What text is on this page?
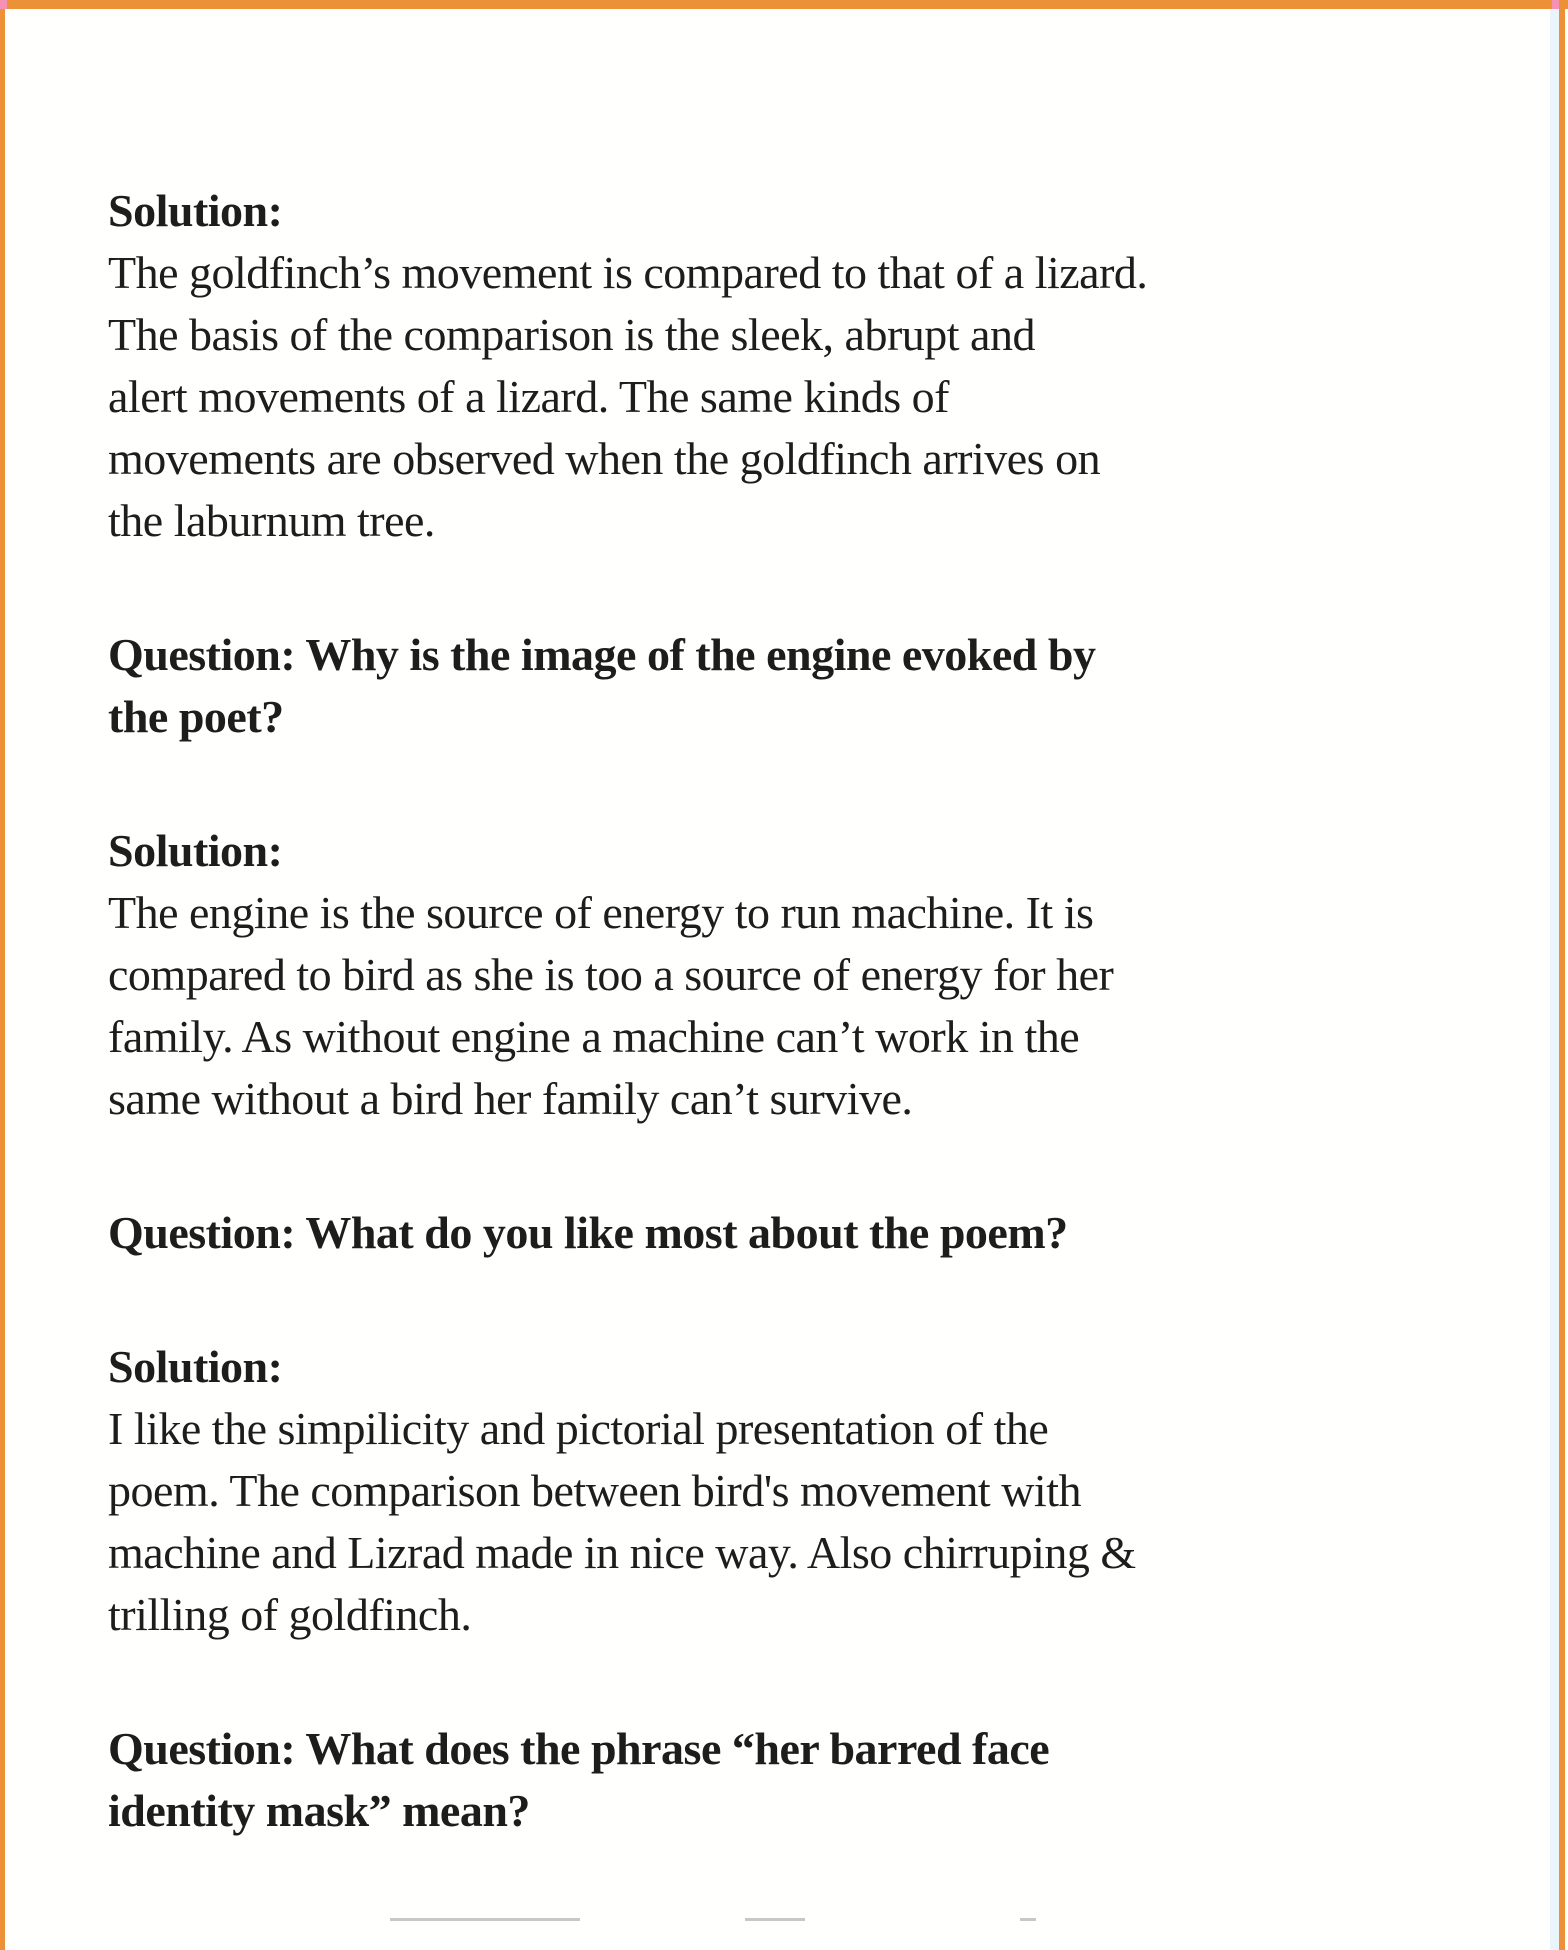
Solution:
The goldfinch’s movement is compared to that of a lizard.
The basis of the comparison is the sleek, abrupt and
alert movements of a lizard. The same kinds of
movements are observed when the goldfinch arrives on
the laburnum tree.
Question: Why is the image of the engine evoked by
the poet?
Solution:
The engine is the source of energy to run machine. It is
compared to bird as she is too a source of energy for her
family. As without engine a machine can’t work in the
same without a bird her family can’t survive.
Question: What do you like most about the poem?
Solution:
I like the simpilicity and pictorial presentation of the
poem. The comparison between bird's movement with
machine and Lizrad made in nice way. Also chirruping &
trilling of goldfinch.
Question: What does the phrase “her barred face
identity mask” mean?
